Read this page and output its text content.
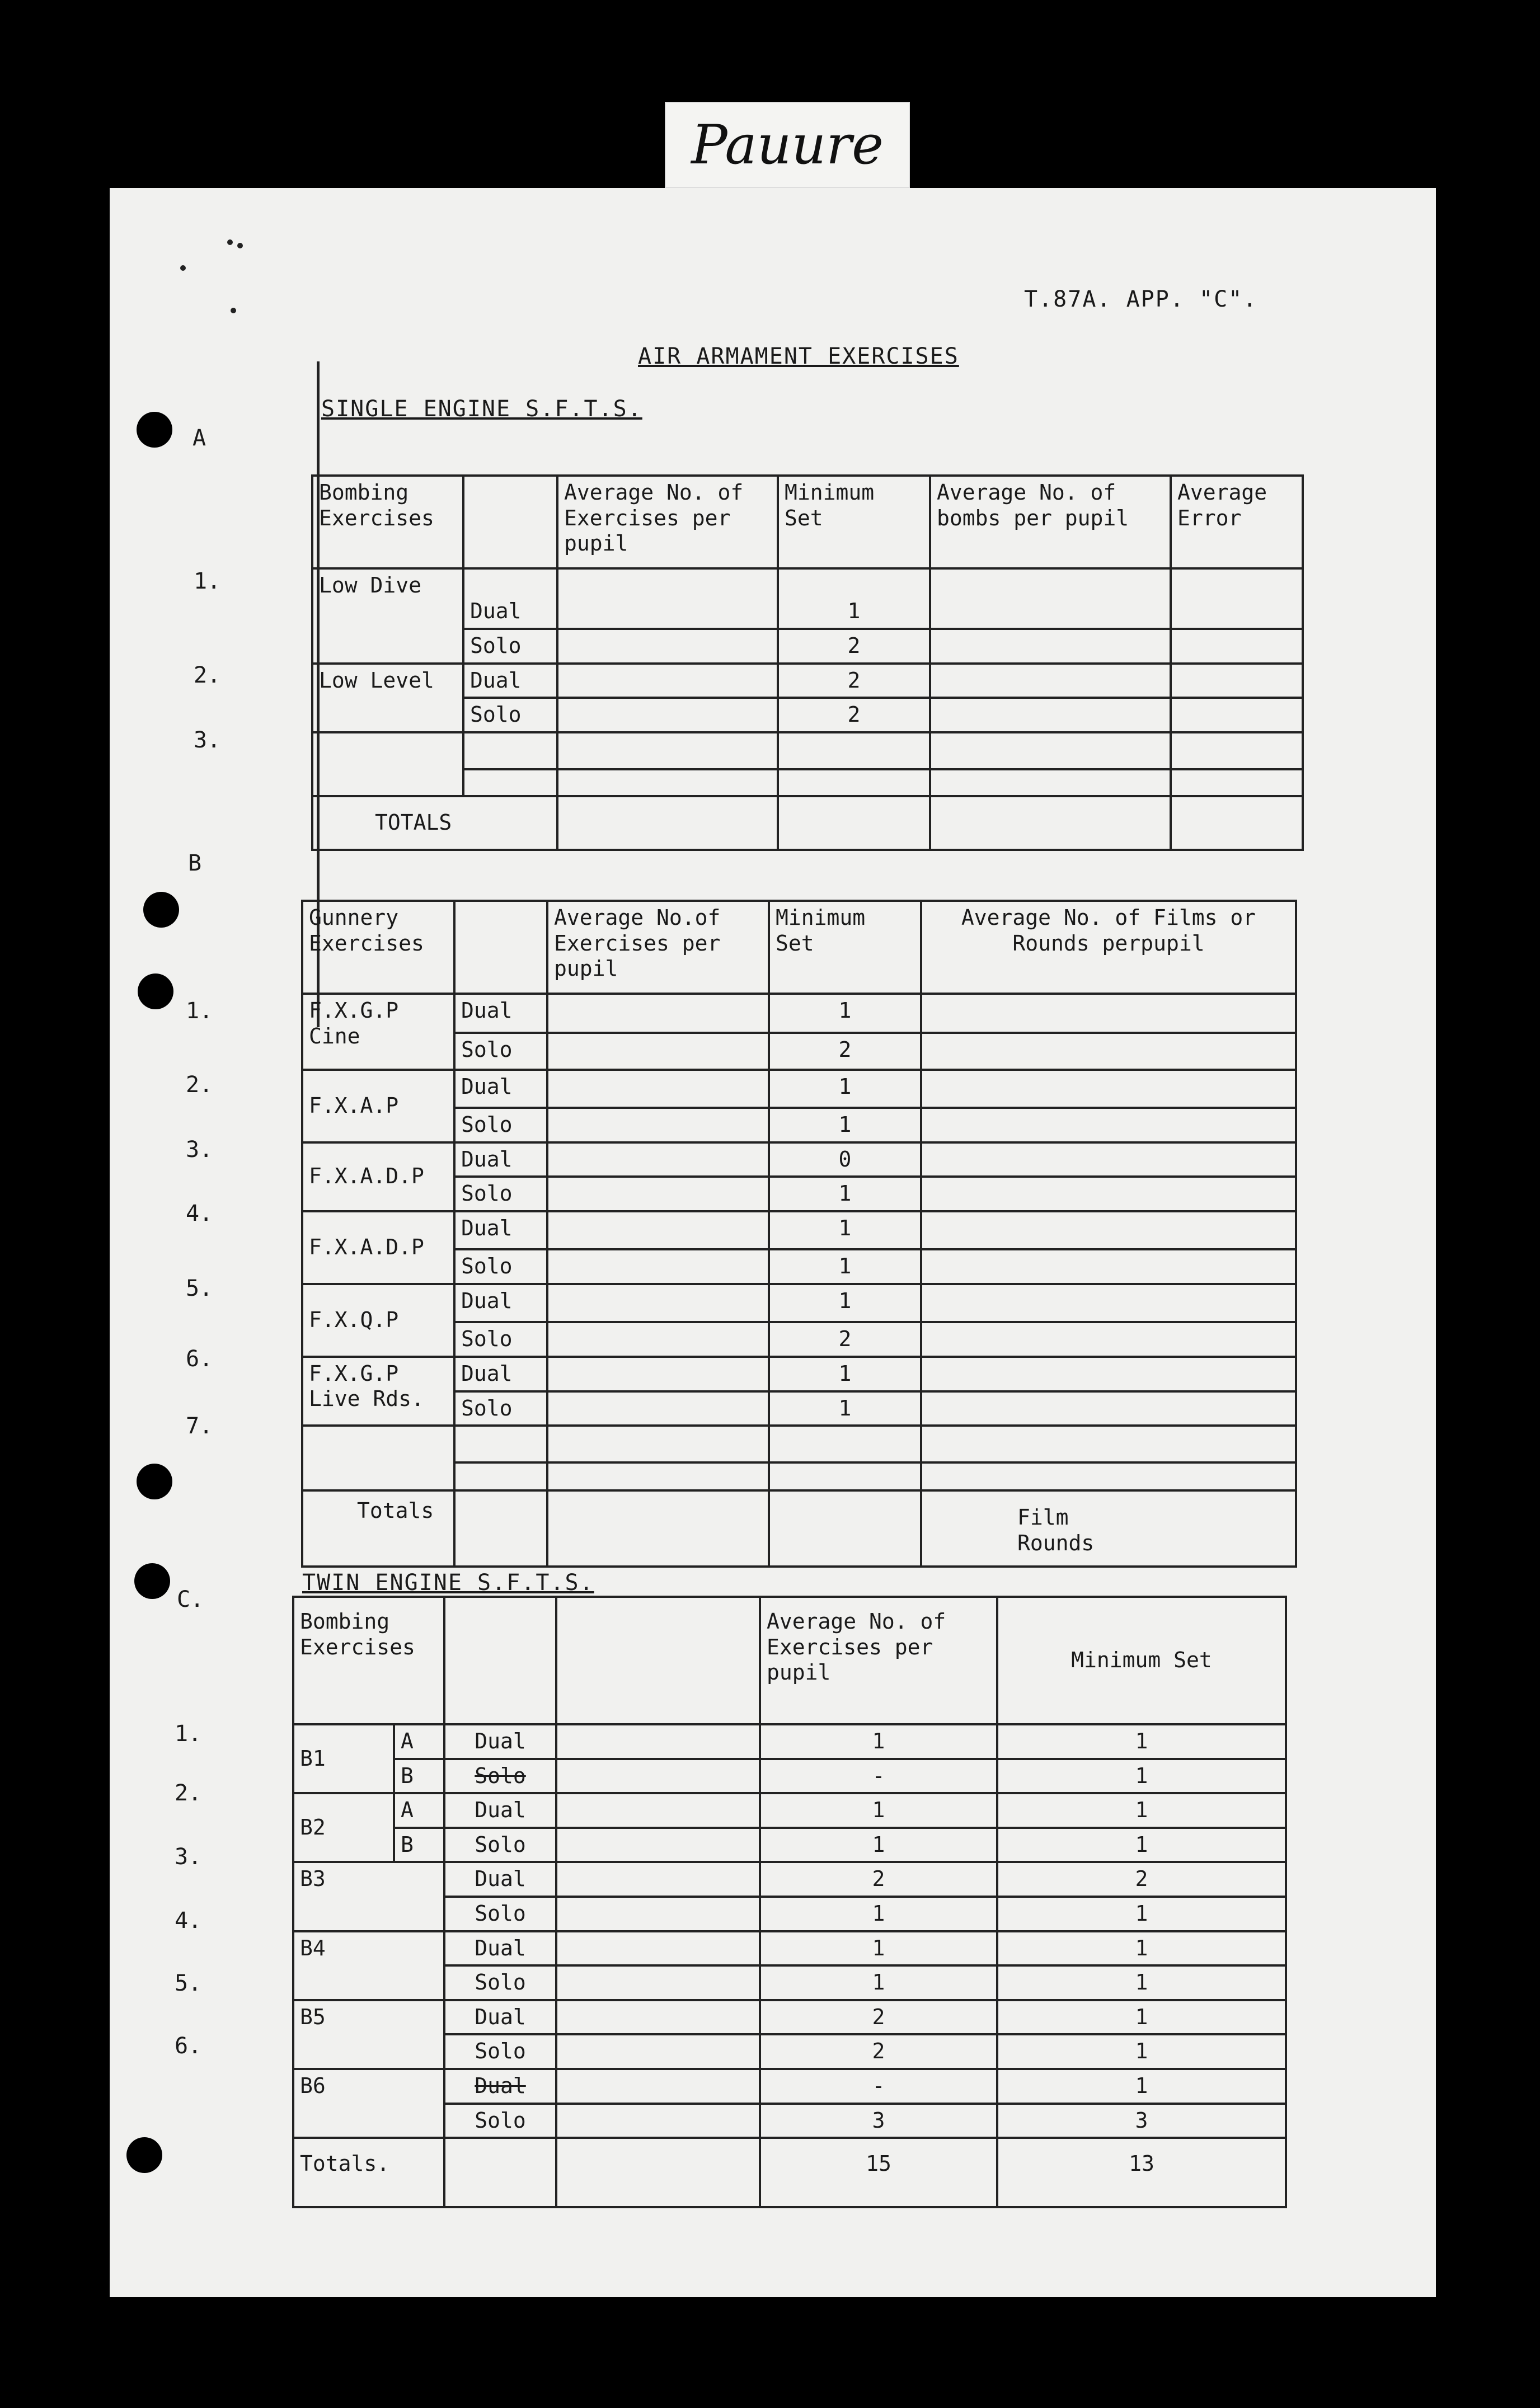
Pauure
T.87A. APP. "C".
AIR ARMAMENT EXERCISES
SINGLE ENGINE S.F.T.S.
A
1.
2.
3.
Bombing Exercises		Average No. of Exercises per pupil	Minimum Set	Average No. of bombs per pupil	Average Error
Low Dive	Dual		1		
	Solo		2		
Low Level	Dual		2		
	Solo		2		

TOTALS					
B
1.
2.
3.
4.
5.
6.
7.
Gunnery Exercises		Average No.of Exercises per pupil	Minimum Set	Average No. of Films or Rounds perpupil
F.X.G.P Cine	Dual		1	
	Solo		2	
F.X.A.P	Dual		1	
	Solo		1	
F.X.A.D.P	Dual		0	
	Solo		1	
F.X.A.D.P	Dual		1	
	Solo		1	
F.X.Q.P	Dual		1	
	Solo		2	
F.X.G.P Live Rds.	Dual		1	
	Solo		1	

Totals				Film
Rounds
C.
TWIN ENGINE S.F.T.S.
1.
2.
3.
4.
5.
6.
Bombing Exercises				Average No. of Exercises per pupil	Minimum Set
B1	A	Dual		1	1
	B	Solo		-	1
B2	A	Dual		1	1
	B	Solo		1	1
B3		Dual		2	2
		Solo		1	1
B4		Dual		1	1
		Solo		1	1
B5		Dual		2	1
		Solo		2	1
B6		Dual		-	1
		Solo		3	3
Totals.				15	13
